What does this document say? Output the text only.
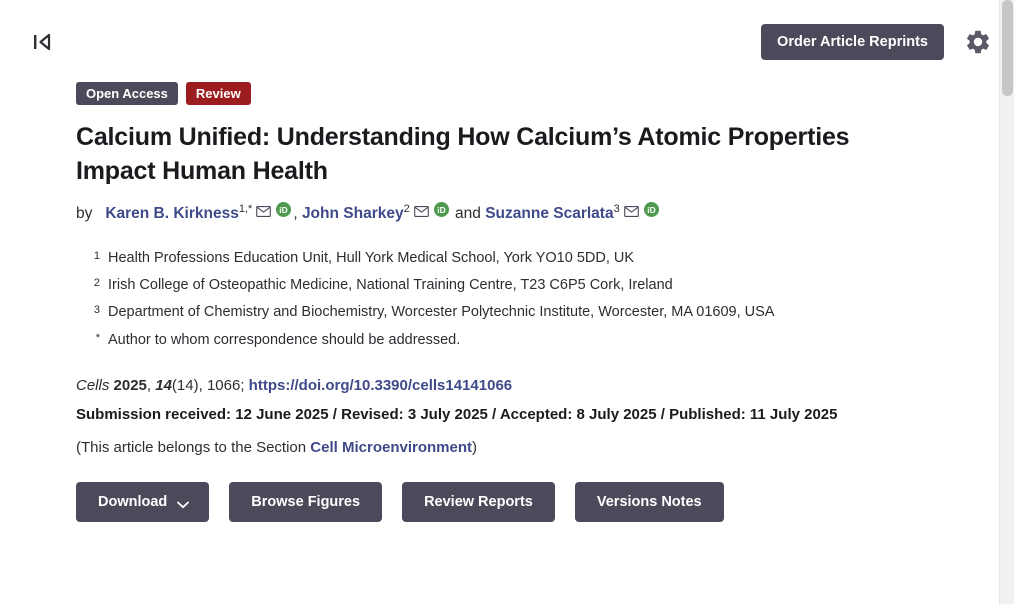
Order Article Reprints
Open Access	Review
Calcium Unified: Understanding How Calcium’s Atomic Properties Impact Human Health
by Karen B. Kirkness$^{1,*}$	iD , John Sharkey$^2$	iD and Suzanne Scarlata$^3$	iD
1 Health Professions Education Unit, Hull York Medical School, York YO10 5DD, UK
2 Irish College of Osteopathic Medicine, National Training Centre, T23 C6P5 Cork, Ireland
3 Department of Chemistry and Biochemistry, Worcester Polytechnic Institute, Worcester, MA 01609, USA
* Author to whom correspondence should be addressed.
Cells 2025, 14(14), 1066; https://doi.org/10.3390/cells14141066
Submission received: 12 June 2025 / Revised: 3 July 2025 / Accepted: 8 July 2025 / Published: 11 July 2025
(This article belongs to the Section Cell Microenvironment)
Download	Browse Figures	Review Reports	Versions Notes
